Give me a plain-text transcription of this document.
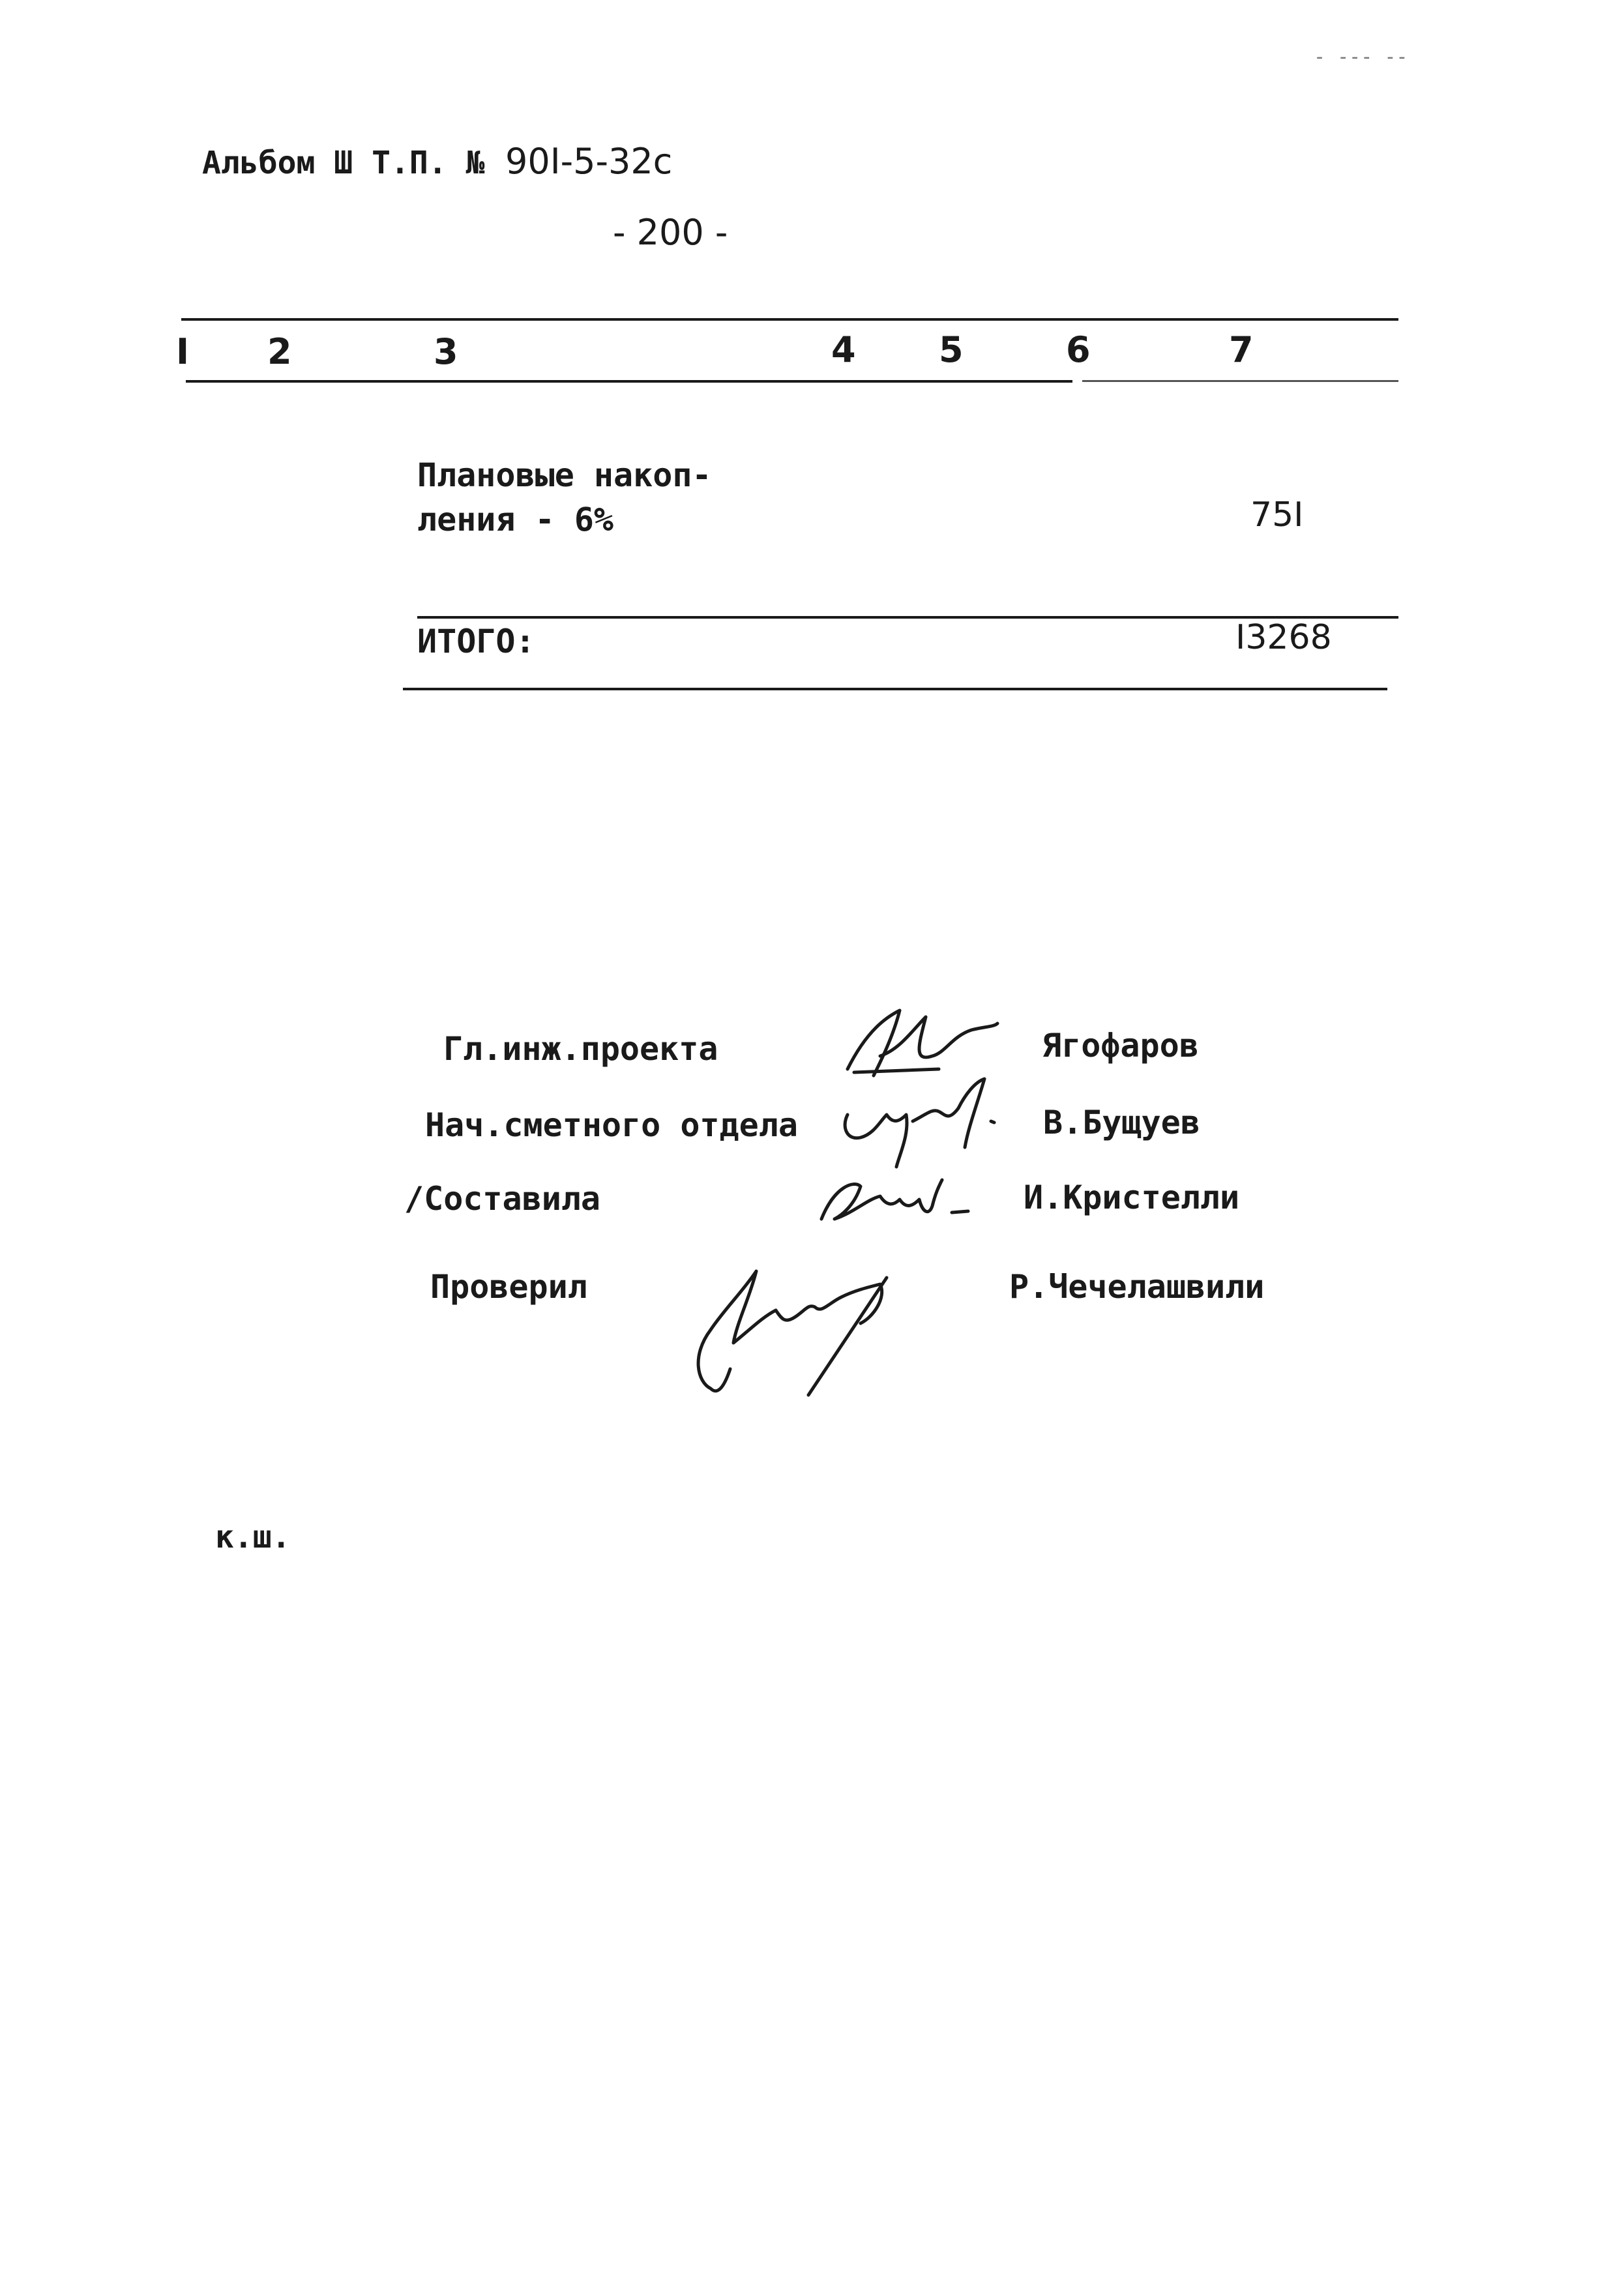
- --- --
Альбом Ш Т.П. № 90I-5-32c
- 200 -
I 2	3	4 5	6	7
Плановые накоп-
ления - 6%	75I
ИТОГО:	I3268
Гл.инж.проекта	Ягофаров
Нач.сметного отдела	В.Бущуев
/Составила	И.Кристелли
Проверил	Р.Чечелашвили
к.ш.
